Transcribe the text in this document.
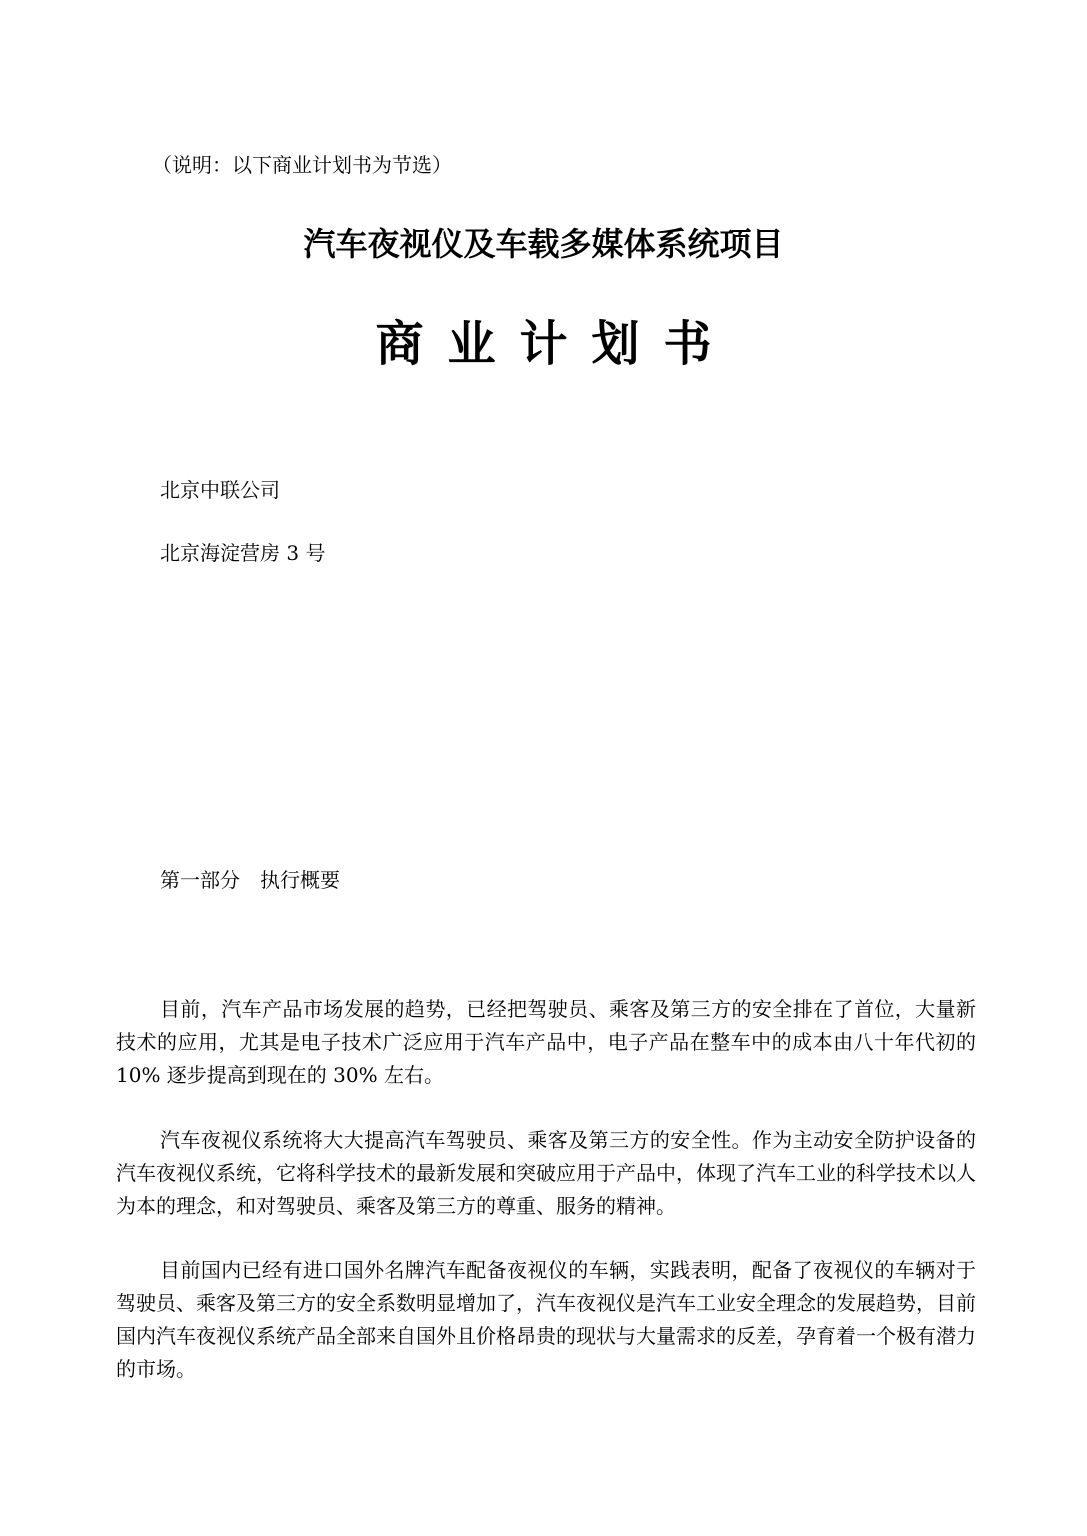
（说明：以下商业计划书为节选）
汽车夜视仪及车载多媒体系统项目
商业计划书
北京中联公司
北京海淀营房 3 号
第一部分　执行概要

目前，汽车产品市场发展的趋势，已经把驾驶员、乘客及第三方的安全排在了首位，大量新技术的应用，尤其是电子技术广泛应用于汽车产品中，电子产品在整车中的成本由八十年代初的 10% 逐步提高到现在的 30% 左右。

汽车夜视仪系统将大大提高汽车驾驶员、乘客及第三方的安全性。作为主动安全防护设备的汽车夜视仪系统，它将科学技术的最新发展和突破应用于产品中，体现了汽车工业的科学技术以人为本的理念，和对驾驶员、乘客及第三方的尊重、服务的精神。

目前国内已经有进口国外名牌汽车配备夜视仪的车辆，实践表明，配备了夜视仪的车辆对于驾驶员、乘客及第三方的安全系数明显增加了，汽车夜视仪是汽车工业安全理念的发展趋势，目前国内汽车夜视仪系统产品全部来自国外且价格昂贵的现状与大量需求的反差，孕育着一个极有潜力的市场。
